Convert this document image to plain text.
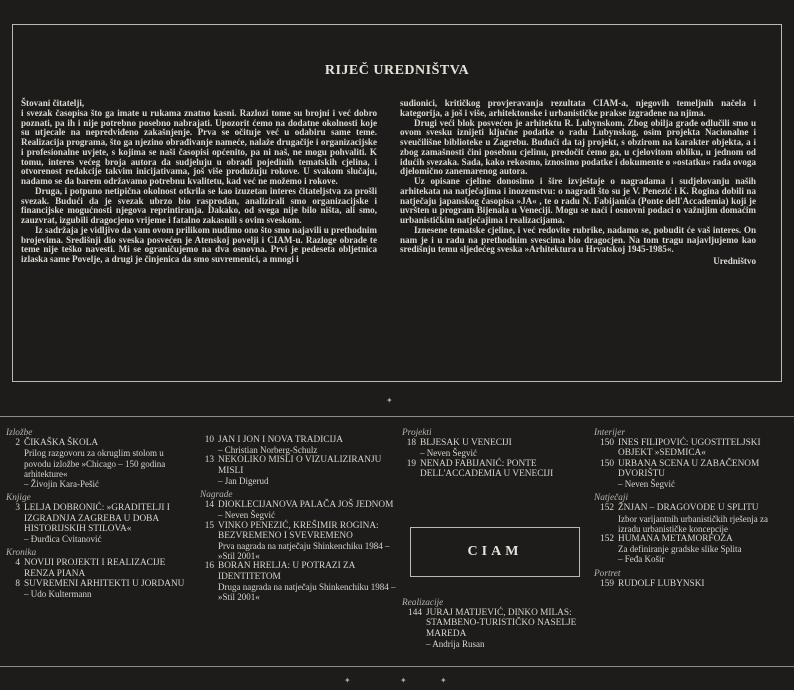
RIJEČ UREDNIŠTVA

Štovani čitatelji,

i svezak časopisa što ga imate u rukama znatno kasni. Razlozi tome su brojni i već dobro poznati, pa ih i nije potrebno posebno nabrajati. Upozorit ćemo na dodatne okolnosti koje su utjecale na nepredviđeno zakašnjenje. Prva se očituje već u odabiru same teme. Realizacija programa, što ga njezino obrađivanje nameće, nalaže drugačije i organizacijske i profesionalne uvjete, s kojima se naši časopisi općenito, pa ni naš, ne mogu pohvaliti. K tomu, interes većeg broja autora da sudjeluju u obradi pojedinih tematskih cjelina, i otvorenost redakcije takvim inicijativama, još više produžuju rokove. U svakom slučaju, nadamo se da barem održavamo potrebnu kvalitetu, kad već ne možemo i rokove.

Druga, i potpuno netipična okolnost otkrila se kao izuzetan interes čitateljstva za prošli svezak. Budući da je svezak ubrzo bio rasprodan, analizirali smo organizacijske i financijske mogućnosti njegova reprintiranja. Dakako, od svega nije bilo ništa, ali smo, zauzvrat, izgubili dragocjeno vrijeme i fatalno zakasnili s ovim sveskom.

Iz sadržaja je vidljivo da vam ovom prilikom nudimo ono što smo najavili u prethodnim brojevima. Središnji dio sveska posvećen je Atenskoj povelji i CIAM-u. Razloge obrade te teme nije teško navesti. Mi se ograničujemo na dva osnovna. Prvi je pedeseta obljetnica izlaska same Povelje, a drugi je činjenica da smo suvremenici, a mnogi i

sudionici, kritičkog provjeravanja rezultata CIAM-a, njegovih temeljnih načela i kategorija, a još i više, arhitektonske i urbanističke prakse izgrađene na njima.

Drugi veći blok posvećen je arhitektu R. Lubynskom. Zbog obilja građe odlučili smo u ovom svesku iznijeti ključne podatke o radu Lubynskog, osim projekta Nacionalne i sveučilišne biblioteke u Zagrebu. Budući da taj projekt, s obzirom na karakter objekta, a i zbog zamašnosti čini posebnu cjelinu, predočit ćemo ga, u cjelovitom obliku, u jednom od idućih svezaka. Sada, kako rekosmo, iznosimo podatke i dokumente o »ostatku« rada ovoga djelomično zanemarenog autora.

Uz opisane cjeline donosimo i šire izvještaje o nagradama i sudjelovanju naših arhitekata na natječajima i inozemstvu: o nagradi što su je V. Penezić i K. Rogina dobili na natječaju japanskog časopisa »JA« , te o radu N. Fabijanića (Ponte dell'Accademia) koji je uvršten u program Bijenala u Veneciji. Mogu se naći i osnovni podaci o važnijim domaćim urbanističkim natječajima i realizacijama.

Iznesene tematske cjeline, i već redovite rubrike, nadamo se, pobudit će vaš interes. On nam je i u radu na prethodnim svescima bio dragocjen. Na tom tragu najavljujemo kao središnju temu sljedećeg sveska »Arhitektura u Hrvatskoj 1945-1985«.

Uredništvo

✦
Izložbe
2 ČIKAŠKA ŠKOLA
Prilog razgovoru za okruglim stolom u povodu izložbe »Chicago – 150 godina arhitekture«
– Živojin Kara-Pešić
Knjige
3 LELJA DOBRONIĆ: »GRADITELJI I IZGRADNJA ZAGREBA U DOBA HISTORIJSKIH STILOVA«
– Đurđica Cvitanović
Kronika
4 NOVIJI PROJEKTI I REALIZACIJE RENZA PIANA
8 SUVREMENI ARHITEKTI U JORDANU
– Udo Kultermann
10 JAN I JON I NOVA TRADICIJA
– Christian Norberg-Schulz
13 NEKOLIKO MISLI O VIZUALIZIRANJU MISLI
– Jan Digerud
Nagrade
14 DIOKLECIJANOVA PALAČA JOŠ JEDNOM
– Neven Šegvić
15 VINKO PENEZIĆ, KREŠIMIR ROGINA: BEZVREMENO I SVEVREMENO
Prva nagrada na natječaju Shinkenchiku 1984 – »Stil 2001«
16 BORAN HRELJA: U POTRAZI ZA IDENTITETOM
Druga nagrada na natječaju Shinkenchiku 1984 – »Stil 2001«
Projekti
18 BLJESAK U VENECIJI
– Neven Šegvić
19 NENAD FABIJANIĆ: PONTE DELL'ACCADEMIA U VENECIJI
CIAM
Realizacije
144 JURAJ MATIJEVIĆ, DINKO MILAS: STAMBENO-TURISTIČKO NASELJE MAREDA
– Andrija Rusan
Interijer
150 INES FILIPOVIĆ: UGOSTITELJSKI OBJEKT »SEDMICA«
150 URBANA SCENA U ZABAČENOM DVORIŠTU
– Neven Šegvić
Natječaji
152 ŽNJAN – DRAGOVODE U SPLITU
Izbor varijantnih urbanističkih rješenja za izradu urbanističke koncepcije
152 HUMANA METAMORFOZA
Za definiranje gradske slike Splita
– Feđa Košir
Portret
159 RUDOLF LUBYNSKI
✦	✦	✦
